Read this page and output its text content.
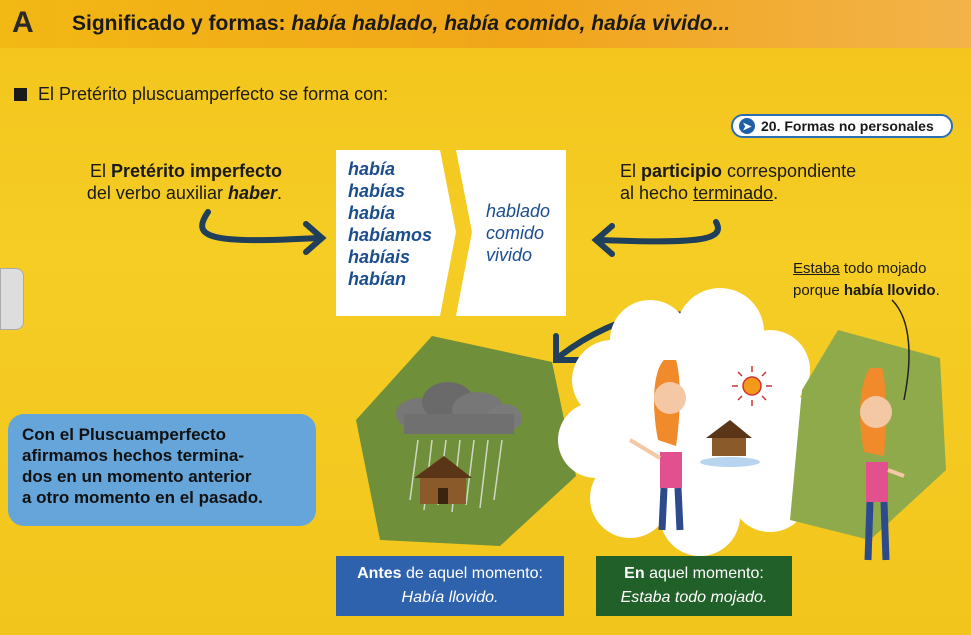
A Significado y formas: había hablado, había comido, había vivido...
El Pretérito pluscuamperfecto se forma con:
➤ 20. Formas no personales
El Pretérito imperfecto
del verbo auxiliar haber.
había
habías
había
habíamos
habíais
habían
hablado
comido
vivido
El participio correspondiente
al hecho terminado.
Estaba todo mojado
porque había llovido.
Con el Pluscuamperfecto
afirmamos hechos termina-
dos en un momento anterior
a otro momento en el pasado.
Antes de aquel momento:
Había llovido.
En aquel momento:
Estaba todo mojado.
